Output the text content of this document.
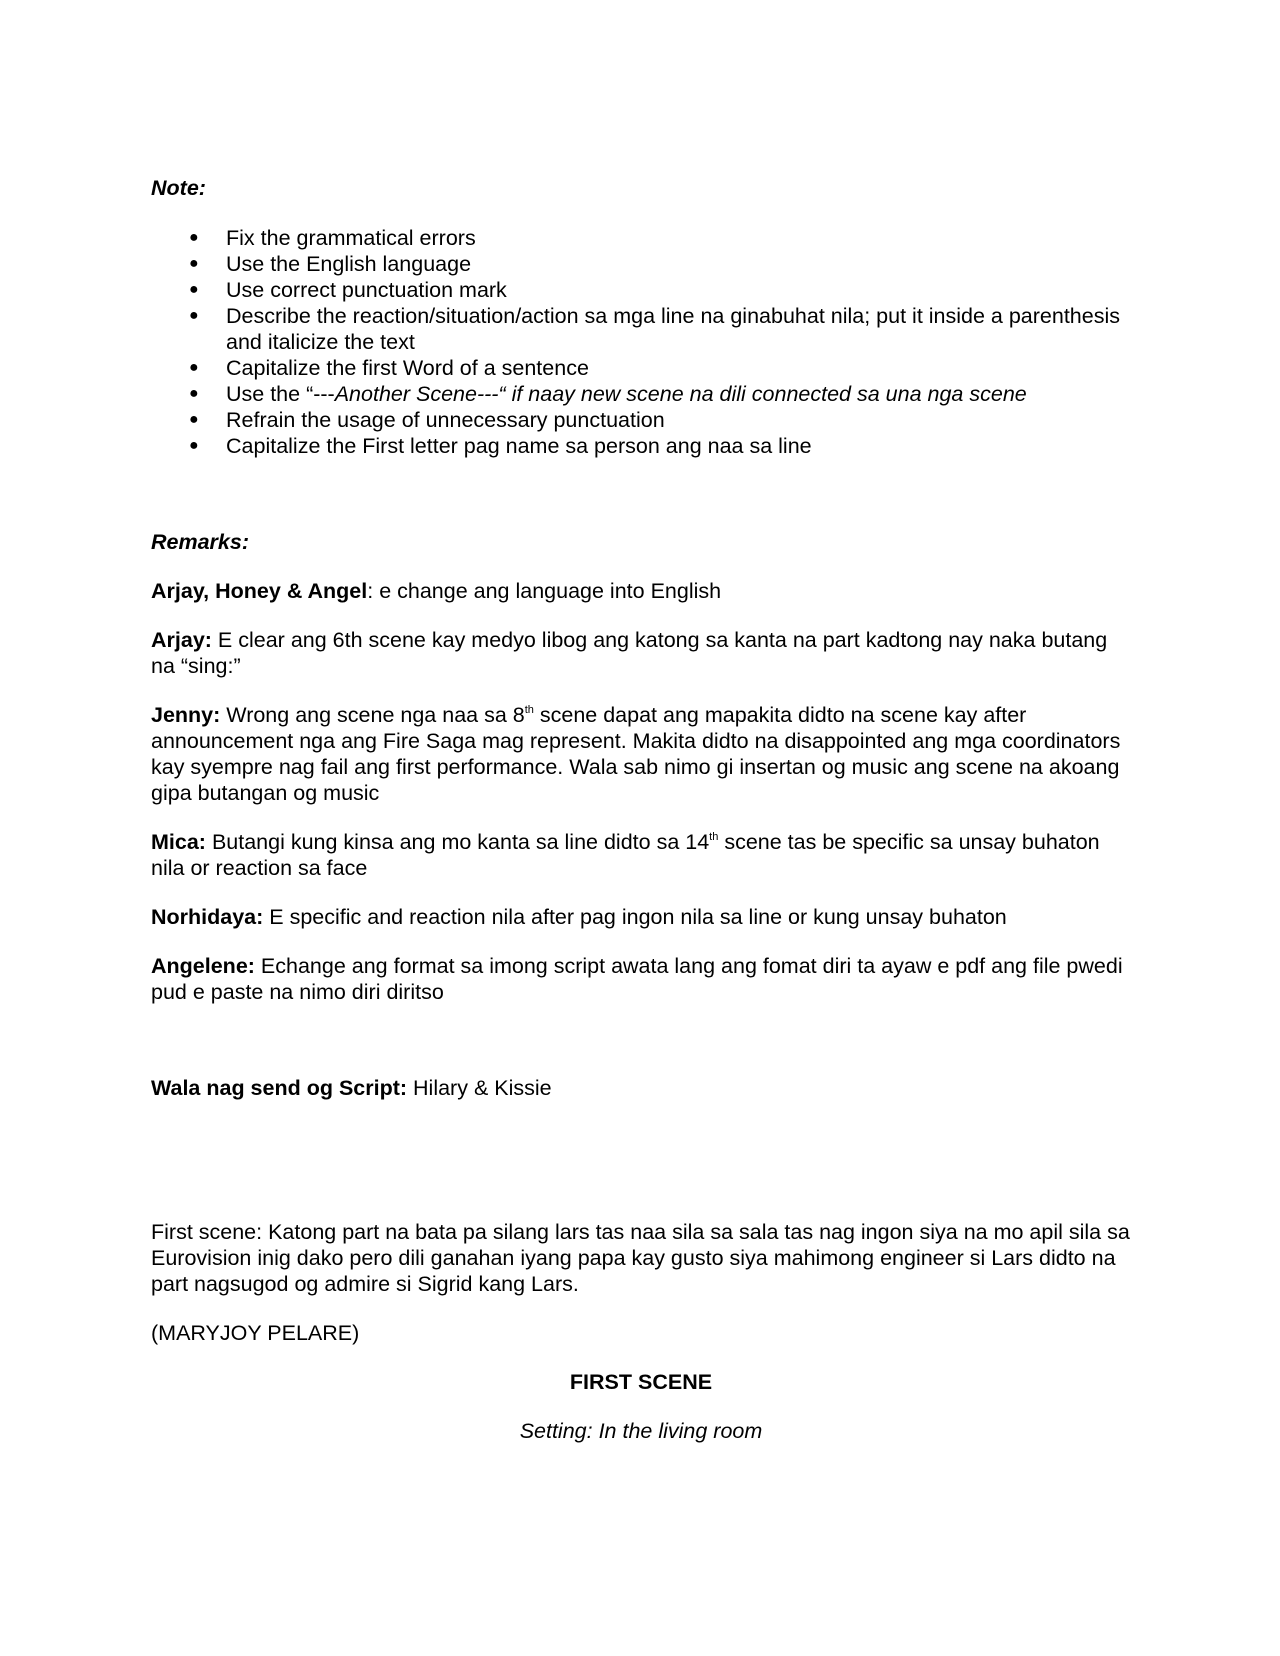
Note:

● Fix the grammatical errors
● Use the English language
● Use correct punctuation mark
● Describe the reaction/situation/action sa mga line na ginabuhat nila; put it inside a parenthesis and italicize the text
● Capitalize the first Word of a sentence
● Use the “---Another Scene---“ if naay new scene na dili connected sa una nga scene
● Refrain the usage of unnecessary punctuation
● Capitalize the First letter pag name sa person ang naa sa line

Remarks:

Arjay, Honey & Angel: e change ang language into English

Arjay: E clear ang 6th scene kay medyo libog ang katong sa kanta na part kadtong nay naka butang na “sing:”

Jenny: Wrong ang scene nga naa sa 8th scene dapat ang mapakita didto na scene kay after announcement nga ang Fire Saga mag represent. Makita didto na disappointed ang mga coordinators kay syempre nag fail ang first performance. Wala sab nimo gi insertan og music ang scene na akoang gipa butangan og music

Mica: Butangi kung kinsa ang mo kanta sa line didto sa 14th scene tas be specific sa unsay buhaton nila or reaction sa face

Norhidaya: E specific and reaction nila after pag ingon nila sa line or kung unsay buhaton

Angelene: Echange ang format sa imong script awata lang ang fomat diri ta ayaw e pdf ang file pwedi pud e paste na nimo diri diritso

Wala nag send og Script: Hilary & Kissie

First scene: Katong part na bata pa silang lars tas naa sila sa sala tas nag ingon siya na mo apil sila sa Eurovision inig dako pero dili ganahan iyang papa kay gusto siya mahimong engineer si Lars didto na part nagsugod og admire si Sigrid kang Lars.

(MARYJOY PELARE)

FIRST SCENE

Setting: In the living room
